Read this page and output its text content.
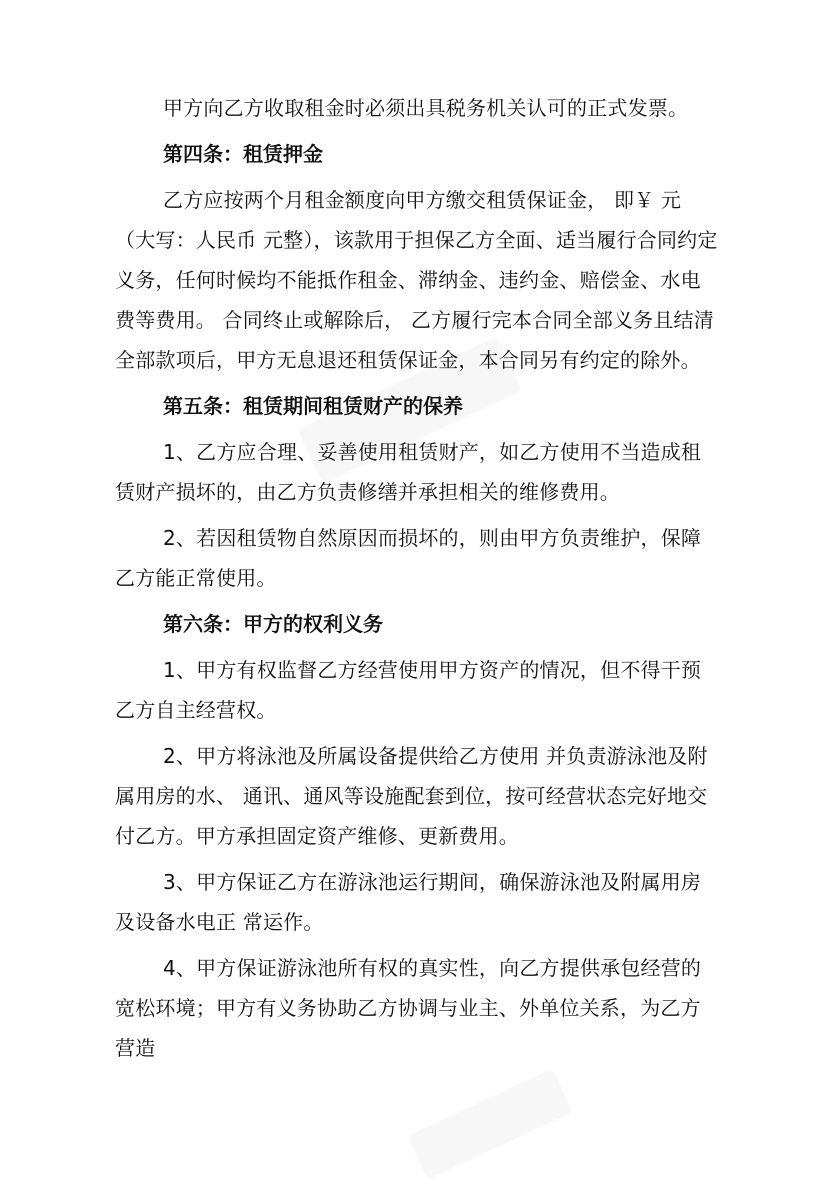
甲方向乙方收取租金时必须出具税务机关认可的正式发票。

第四条：租赁押金

乙方应按两个月租金额度向甲方缴交租赁保证金， 即￥ 元（大写：人民币 元整），该款用于担保乙方全面、适当履行合同约定义务，任何时候均不能抵作租金、滞纳金、违约金、赔偿金、水电费等费用。 合同终止或解除后， 乙方履行完本合同全部义务且结清全部款项后，甲方无息退还租赁保证金，本合同另有约定的除外。

第五条：租赁期间租赁财产的保养

1、乙方应合理、妥善使用租赁财产，如乙方使用不当造成租赁财产损坏的，由乙方负责修缮并承担相关的维修费用。

2、若因租赁物自然原因而损坏的，则由甲方负责维护，保障乙方能正常使用。

第六条：甲方的权利义务

1、甲方有权监督乙方经营使用甲方资产的情况，但不得干预乙方自主经营权。

2、甲方将泳池及所属设备提供给乙方使用 并负责游泳池及附属用房的水、 通讯、通风等设施配套到位，按可经营状态完好地交付乙方。甲方承担固定资产维修、更新费用。

3、甲方保证乙方在游泳池运行期间，确保游泳池及附属用房及设备水电正 常运作。

4、甲方保证游泳池所有权的真实性，向乙方提供承包经营的宽松环境；甲方有义务协助乙方协调与业主、外单位关系，为乙方营造
